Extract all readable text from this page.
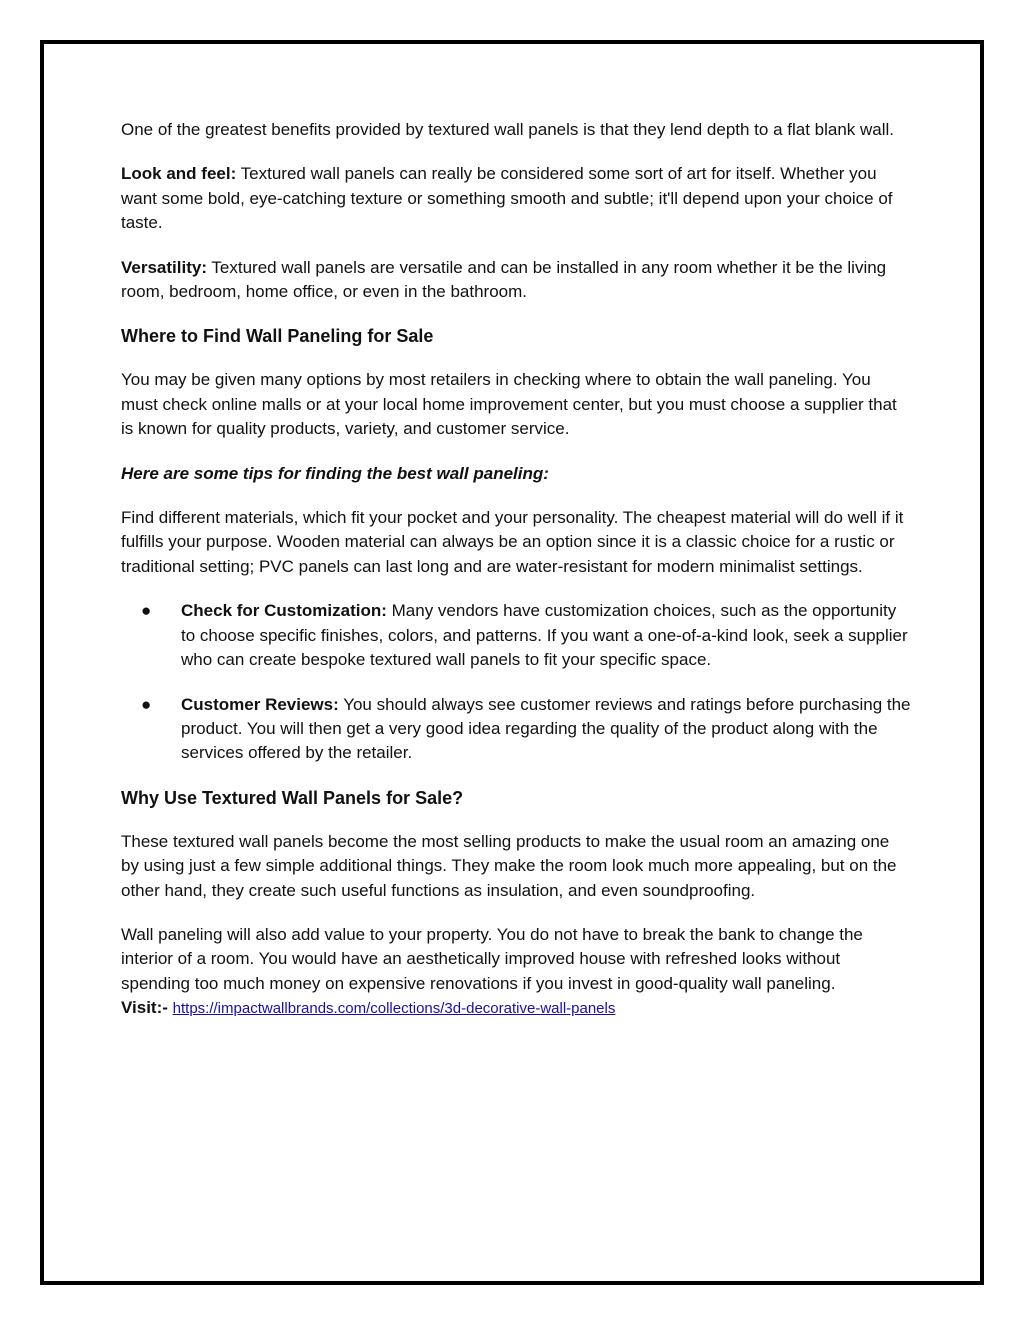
One of the greatest benefits provided by textured wall panels is that they lend depth to a flat blank wall.

Look and feel: Textured wall panels can really be considered some sort of art for itself. Whether you want some bold, eye-catching texture or something smooth and subtle; it'll depend upon your choice of taste.

Versatility: Textured wall panels are versatile and can be installed in any room whether it be the living room, bedroom, home office, or even in the bathroom.

Where to Find Wall Paneling for Sale

You may be given many options by most retailers in checking where to obtain the wall paneling. You must check online malls or at your local home improvement center, but you must choose a supplier that is known for quality products, variety, and customer service.

Here are some tips for finding the best wall paneling:

Find different materials, which fit your pocket and your personality. The cheapest material will do well if it fulfills your purpose. Wooden material can always be an option since it is a classic choice for a rustic or traditional setting; PVC panels can last long and are water-resistant for modern minimalist settings.

● Check for Customization: Many vendors have customization choices, such as the opportunity to choose specific finishes, colors, and patterns. If you want a one-of-a-kind look, seek a supplier who can create bespoke textured wall panels to fit your specific space.
● Customer Reviews: You should always see customer reviews and ratings before purchasing the product. You will then get a very good idea regarding the quality of the product along with the services offered by the retailer.
Why Use Textured Wall Panels for Sale?

These textured wall panels become the most selling products to make the usual room an amazing one by using just a few simple additional things. They make the room look much more appealing, but on the other hand, they create such useful functions as insulation, and even soundproofing.

Wall paneling will also add value to your property. You do not have to break the bank to change the interior of a room. You would have an aesthetically improved house with refreshed looks without spending too much money on expensive renovations if you invest in good-quality wall paneling.

Visit:- https://impactwallbrands.com/collections/3d-decorative-wall-panels
